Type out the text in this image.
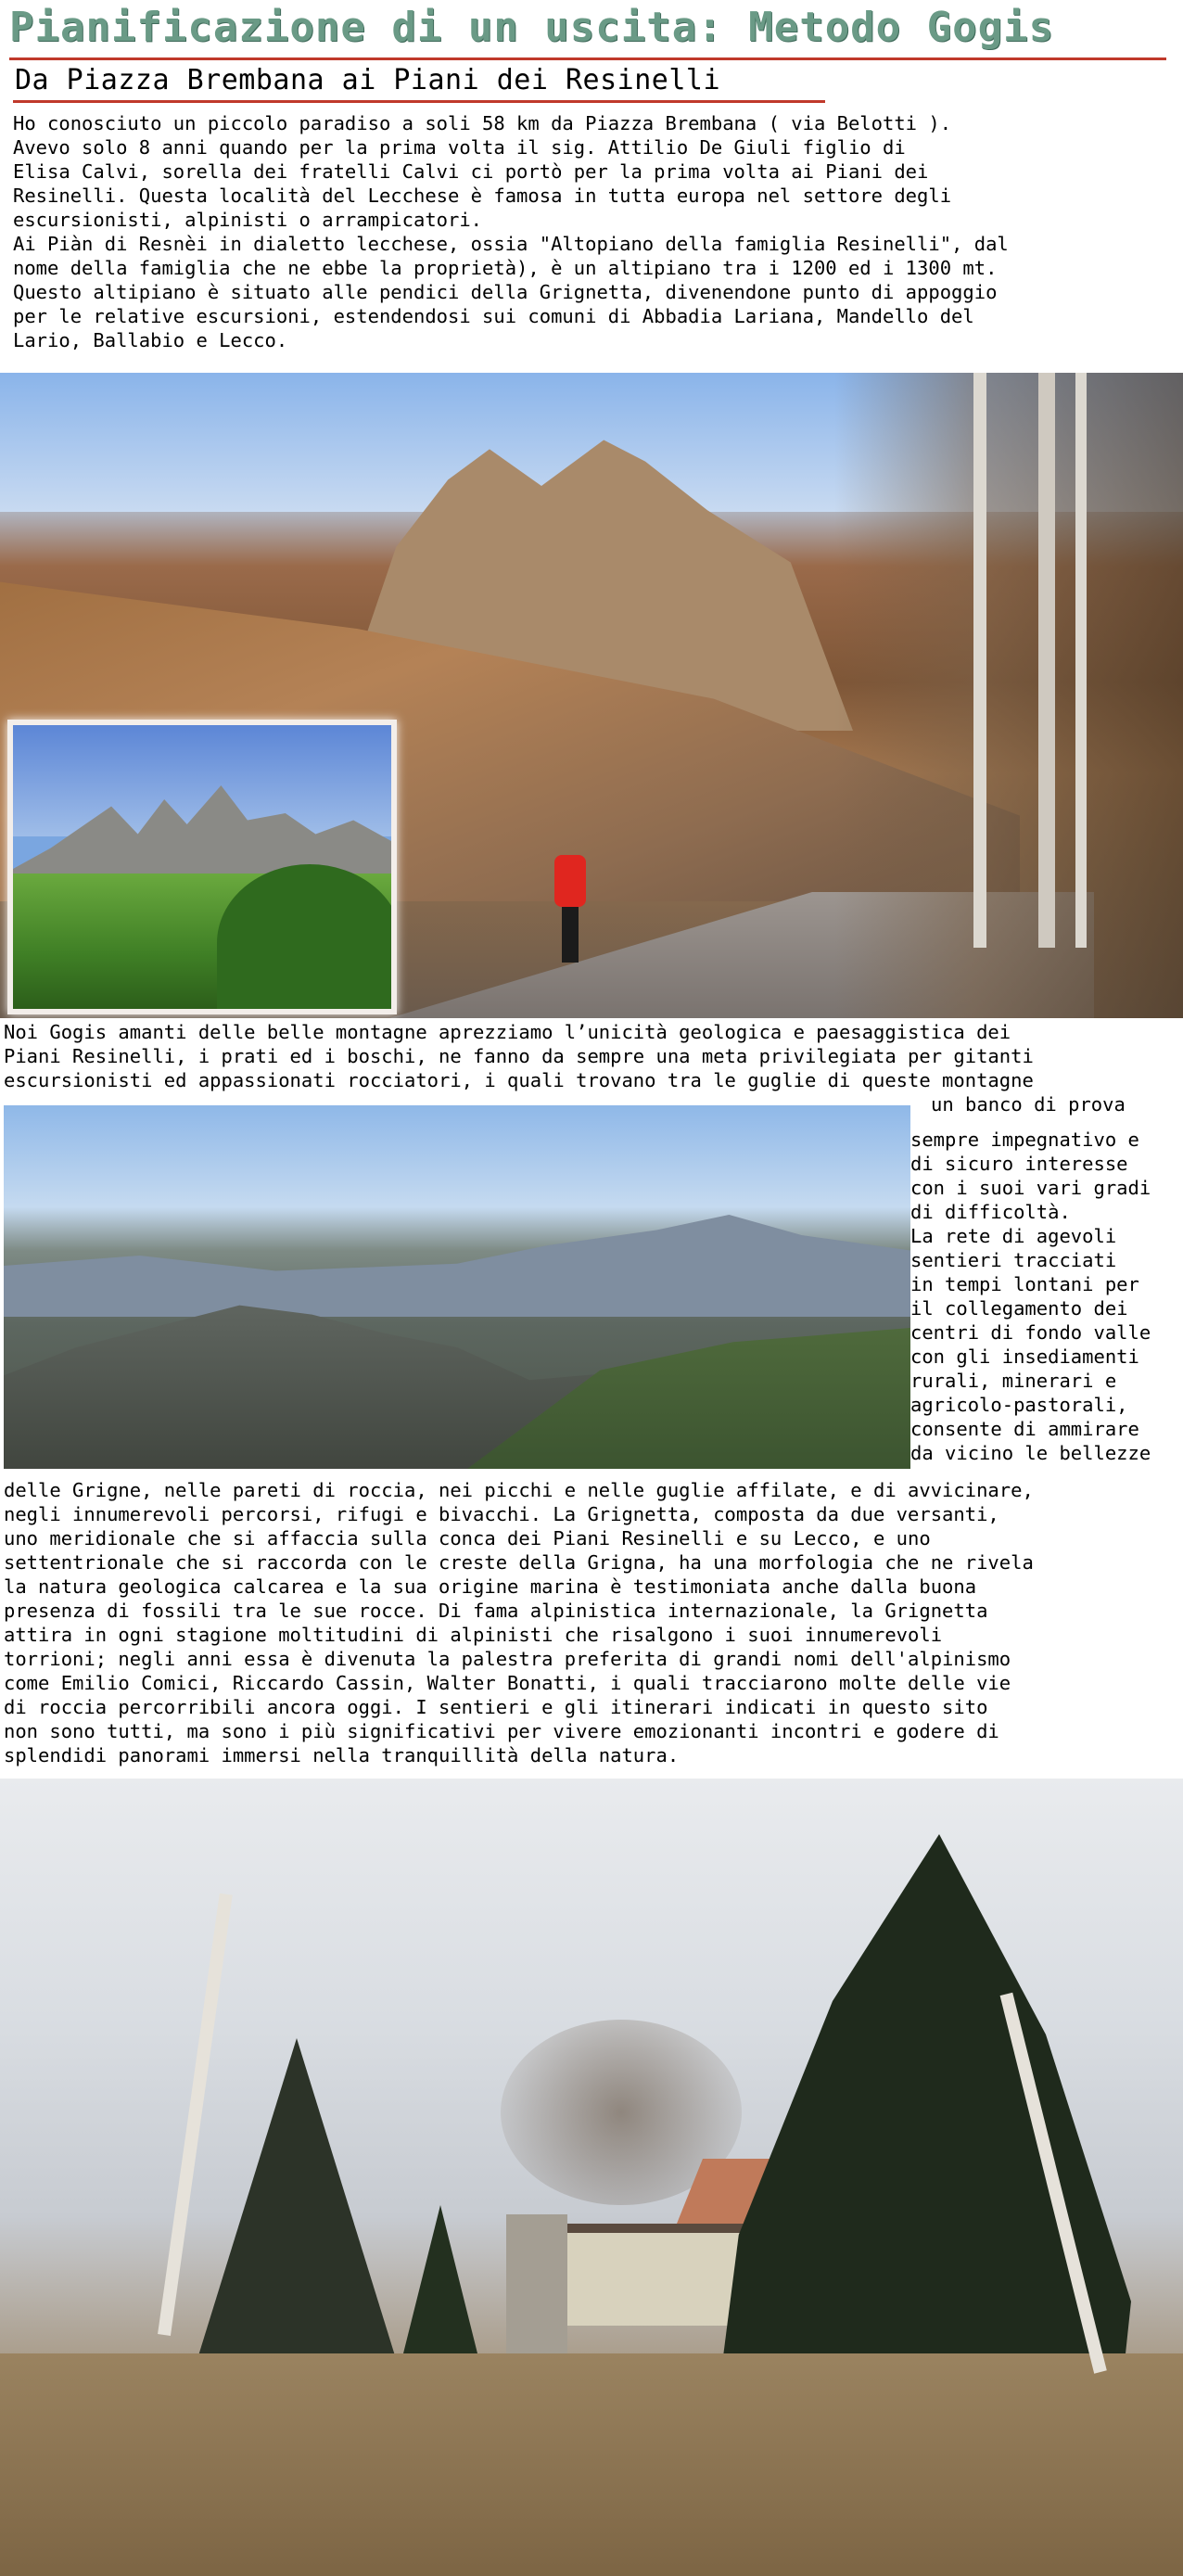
Pianificazione di un uscita: Metodo Gogis
Da Piazza Brembana ai Piani dei Resinelli
Ho conosciuto un piccolo paradiso a soli 58 km da Piazza Brembana ( via Belotti ).
Avevo solo 8 anni quando per la prima volta il sig. Attilio De Giuli figlio di
Elisa Calvi, sorella dei fratelli Calvi ci portò per la prima volta ai Piani dei
Resinelli. Questa località del Lecchese è famosa in tutta europa nel settore degli
escursionisti, alpinisti o arrampicatori.
Ai Piàn di Resnèi in dialetto lecchese, ossia "Altopiano della famiglia Resinelli", dal
nome della famiglia che ne ebbe la proprietà), è un altipiano tra i 1200 ed i 1300 mt.
Questo altipiano è situato alle pendici della Grignetta, divenendone punto di appoggio
per le relative escursioni, estendendosi sui comuni di Abbadia Lariana, Mandello del
Lario, Ballabio e Lecco.
Noi Gogis amanti delle belle montagne aprezziamo l’unicità geologica e paesaggistica dei
Piani Resinelli, i prati ed i boschi, ne fanno da sempre una meta privilegiata per gitanti
escursionisti ed appassionati rocciatori, i quali trovano tra le guglie di queste montagne
un banco di prova
sempre impegnativo e
di sicuro interesse
con i suoi vari gradi
di difficoltà.
La rete di agevoli
sentieri tracciati
in tempi lontani per
il collegamento dei
centri di fondo valle
con gli insediamenti
rurali, minerari e
agricolo-pastorali,
consente di ammirare
da vicino le bellezze
delle Grigne, nelle pareti di roccia, nei picchi e nelle guglie affilate, e di avvicinare,
negli innumerevoli percorsi, rifugi e bivacchi. La Grignetta, composta da due versanti,
uno meridionale che si affaccia sulla conca dei Piani Resinelli e su Lecco, e uno
settentrionale che si raccorda con le creste della Grigna, ha una morfologia che ne rivela
la natura geologica calcarea e la sua origine marina è testimoniata anche dalla buona
presenza di fossili tra le sue rocce. Di fama alpinistica internazionale, la Grignetta
attira in ogni stagione moltitudini di alpinisti che risalgono i suoi innumerevoli
torrioni; negli anni essa è divenuta la palestra preferita di grandi nomi dell'alpinismo
come Emilio Comici, Riccardo Cassin, Walter Bonatti, i quali tracciarono molte delle vie
di roccia percorribili ancora oggi. I sentieri e gli itinerari indicati in questo sito
non sono tutti, ma sono i più significativi per vivere emozionanti incontri e godere di
splendidi panorami immersi nella tranquillità della natura.
